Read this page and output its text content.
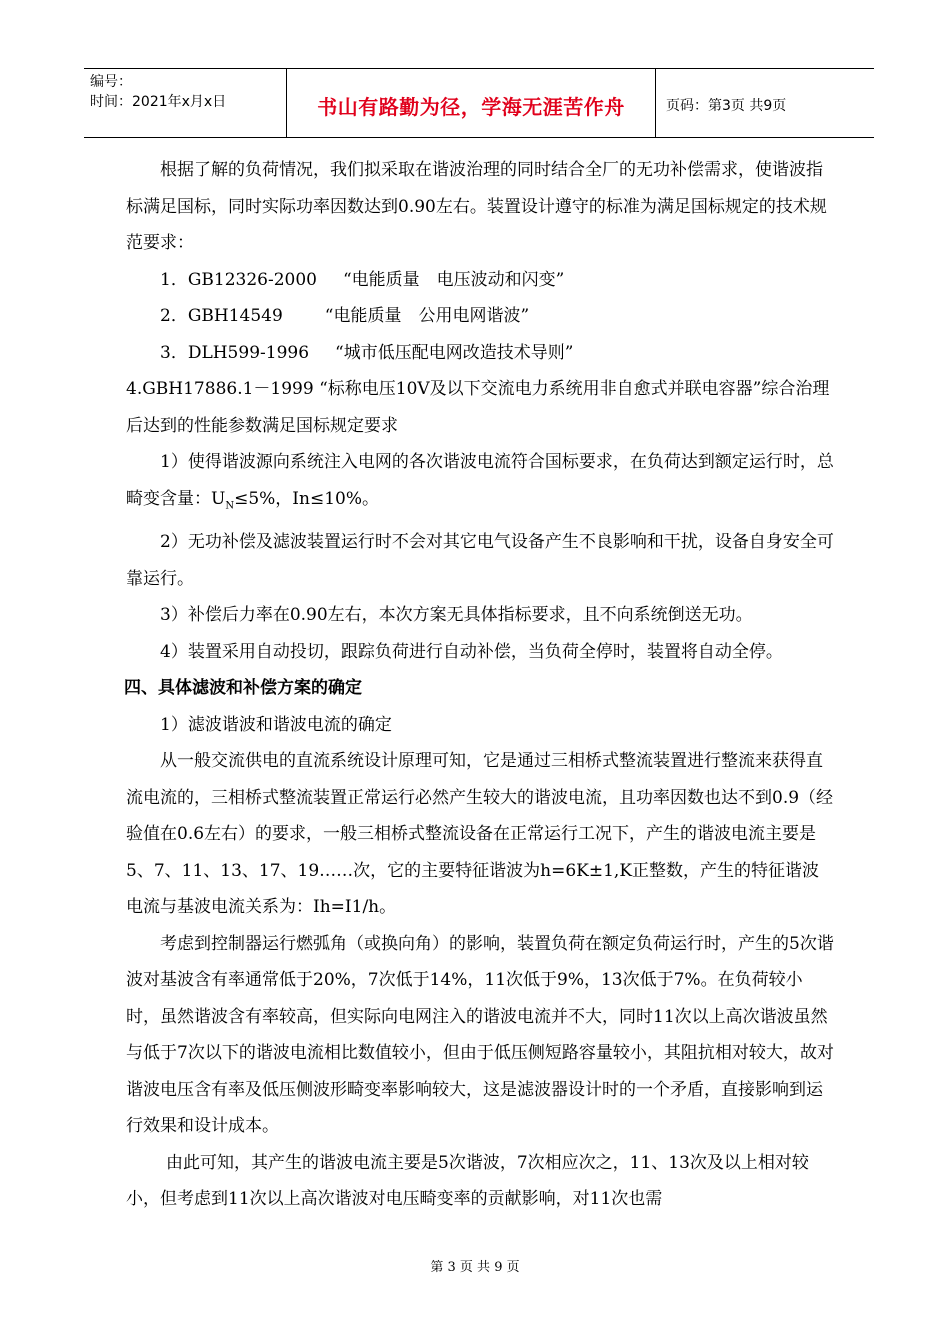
编号：
时间：2021年x月x日	书山有路勤为径，学海无涯苦作舟	页码：第3页 共9页

根据了解的负荷情况，我们拟采取在谐波治理的同时结合全厂的无功补偿需求，使谐波指标满足国标，同时实际功率因数达到0.90左右。装置设计遵守的标准为满足国标规定的技术规范要求：

1．GB12326-2000 “电能质量　电压波动和闪变”

2．GBH14549 “电能质量　公用电网谐波”

3．DLH599-1996 “城市低压配电网改造技术导则”

4.GBH17886.1－1999 “标称电压10V及以下交流电力系统用非自愈式并联电容器”综合治理后达到的性能参数满足国标规定要求

1）使得谐波源向系统注入电网的各次谐波电流符合国标要求，在负荷达到额定运行时，总畸变含量：$U_N\le 5\%$，In≤10%。

2）无功补偿及滤波装置运行时不会对其它电气设备产生不良影响和干扰，设备自身安全可靠运行。

3）补偿后力率在0.90左右，本次方案无具体指标要求，且不向系统倒送无功。

4）装置采用自动投切，跟踪负荷进行自动补偿，当负荷全停时，装置将自动全停。

四、具体滤波和补偿方案的确定

1）滤波谐波和谐波电流的确定

从一般交流供电的直流系统设计原理可知，它是通过三相桥式整流装置进行整流来获得直流电流的，三相桥式整流装置正常运行必然产生较大的谐波电流，且功率因数也达不到0.9（经验值在0.6左右）的要求，一般三相桥式整流设备在正常运行工况下，产生的谐波电流主要是5、7、11、13、17、19……次，它的主要特征谐波为h=6K±1,K正整数，产生的特征谐波电流与基波电流关系为：Ih=I1/h。

考虑到控制器运行燃弧角（或换向角）的影响，装置负荷在额定负荷运行时，产生的5次谐波对基波含有率通常低于20%，7次低于14%，11次低于9%，13次低于7%。在负荷较小时，虽然谐波含有率较高，但实际向电网注入的谐波电流并不大，同时11次以上高次谐波虽然与低于7次以下的谐波电流相比数值较小，但由于低压侧短路容量较小，其阻抗相对较大，故对谐波电压含有率及低压侧波形畸变率影响较大，这是滤波器设计时的一个矛盾，直接影响到运行效果和设计成本。

由此可知，其产生的谐波电流主要是5次谐波，7次相应次之，11、13次及以上相对较小，但考虑到11次以上高次谐波对电压畸变率的贡献影响，对11次也需

第 3 页 共 9 页
